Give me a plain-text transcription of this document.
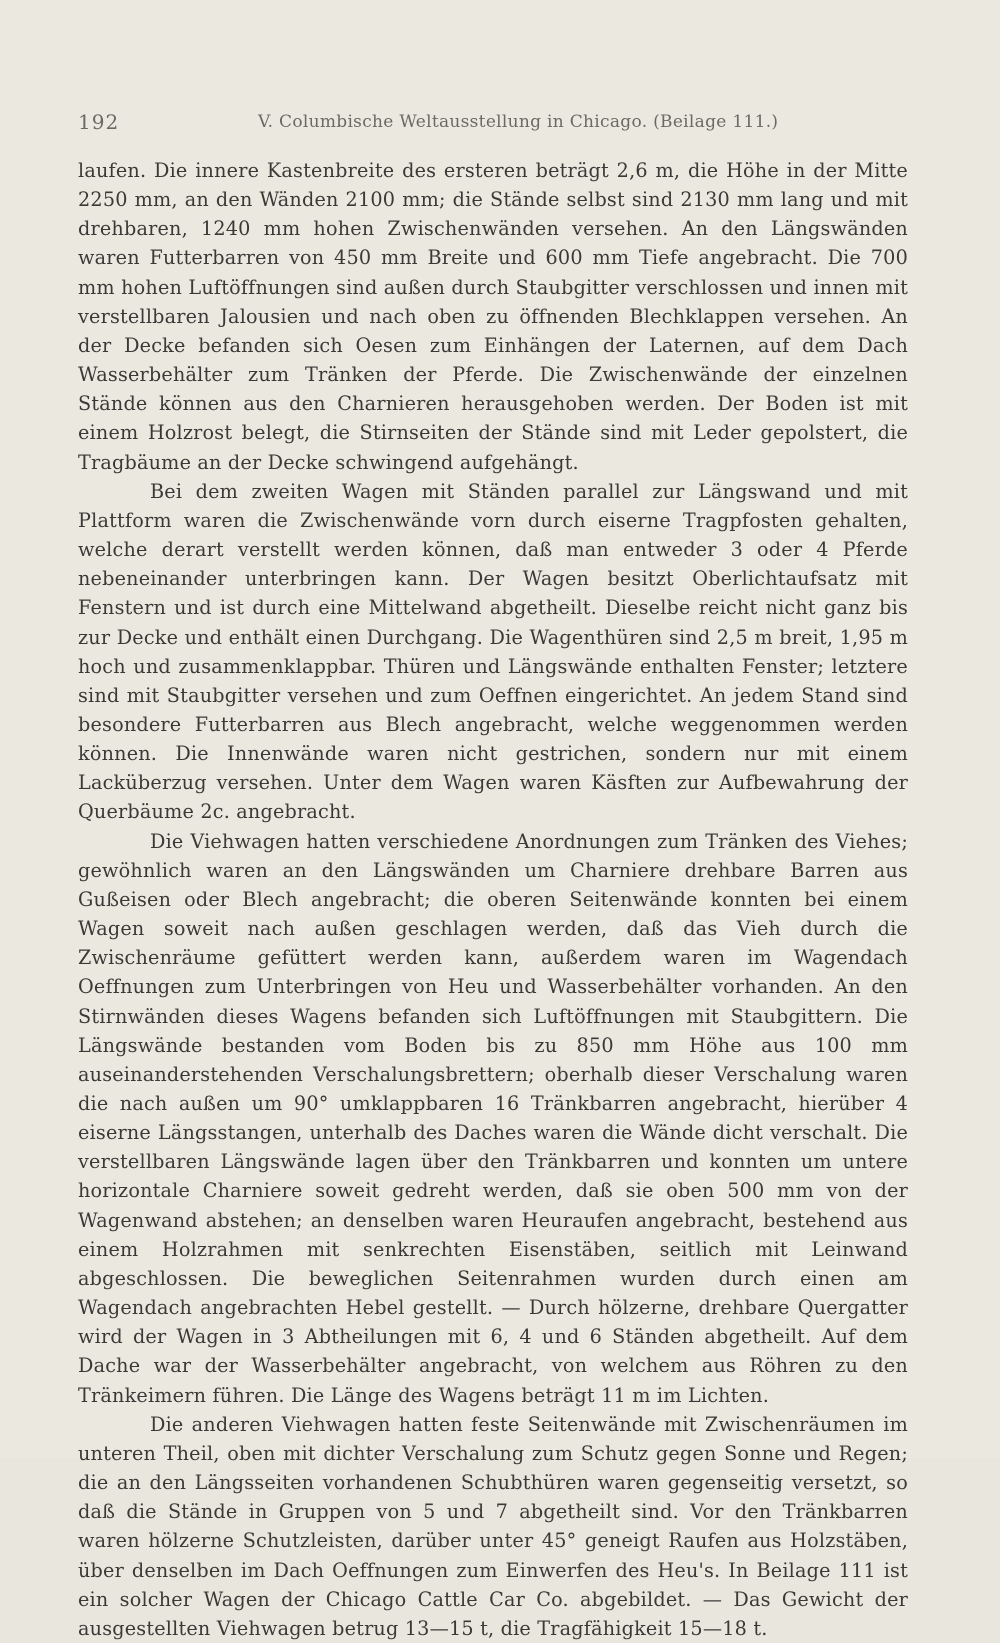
192	V. Columbische Weltausstellung in Chicago. (Beilage 111.)

laufen. Die innere Kastenbreite des ersteren beträgt 2,6 m, die Höhe in der Mitte 2250 mm, an den Wänden 2100 mm; die Stände selbst sind 2130 mm lang und mit drehbaren, 1240 mm hohen Zwischenwänden versehen. An den Längswänden waren Futterbarren von 450 mm Breite und 600 mm Tiefe angebracht. Die 700 mm hohen Luftöffnungen sind außen durch Staubgitter verschlossen und innen mit verstellbaren Jalousien und nach oben zu öffnenden Blechklappen versehen. An der Decke befanden sich Oesen zum Einhängen der Laternen, auf dem Dach Wasserbehälter zum Tränken der Pferde. Die Zwischenwände der einzelnen Stände können aus den Charnieren herausgehoben werden. Der Boden ist mit einem Holzrost belegt, die Stirnseiten der Stände sind mit Leder gepolstert, die Tragbäume an der Decke schwingend aufgehängt.

Bei dem zweiten Wagen mit Ständen parallel zur Längswand und mit Plattform waren die Zwischenwände vorn durch eiserne Tragpfosten gehalten, welche derart verstellt werden können, daß man entweder 3 oder 4 Pferde nebeneinander unterbringen kann. Der Wagen besitzt Oberlichtaufsatz mit Fenstern und ist durch eine Mittelwand abgetheilt. Dieselbe reicht nicht ganz bis zur Decke und enthält einen Durchgang. Die Wagenthüren sind 2,5 m breit, 1,95 m hoch und zusammenklappbar. Thüren und Längswände enthalten Fenster; letztere sind mit Staubgitter versehen und zum Oeffnen eingerichtet. An jedem Stand sind besondere Futterbarren aus Blech angebracht, welche weggenommen werden können. Die Innenwände waren nicht gestrichen, sondern nur mit einem Lacküberzug versehen. Unter dem Wagen waren Käsften zur Aufbewahrung der Querbäume 2c. angebracht.

Die Viehwagen hatten verschiedene Anordnungen zum Tränken des Viehes; gewöhnlich waren an den Längswänden um Charniere drehbare Barren aus Gußeisen oder Blech angebracht; die oberen Seitenwände konnten bei einem Wagen soweit nach außen geschlagen werden, daß das Vieh durch die Zwischenräume gefüttert werden kann, außerdem waren im Wagendach Oeffnungen zum Unterbringen von Heu und Wasserbehälter vorhanden. An den Stirnwänden dieses Wagens befanden sich Luftöffnungen mit Staubgittern. Die Längswände bestanden vom Boden bis zu 850 mm Höhe aus 100 mm auseinanderstehenden Verschalungsbrettern; oberhalb dieser Verschalung waren die nach außen um 90° umklappbaren 16 Tränkbarren angebracht, hierüber 4 eiserne Längsstangen, unterhalb des Daches waren die Wände dicht verschalt. Die verstellbaren Längswände lagen über den Tränkbarren und konnten um untere horizontale Charniere soweit gedreht werden, daß sie oben 500 mm von der Wagenwand abstehen; an denselben waren Heuraufen angebracht, bestehend aus einem Holzrahmen mit senkrechten Eisenstäben, seitlich mit Leinwand abgeschlossen. Die beweglichen Seitenrahmen wurden durch einen am Wagendach angebrachten Hebel gestellt. — Durch hölzerne, drehbare Quergatter wird der Wagen in 3 Abtheilungen mit 6, 4 und 6 Ständen abgetheilt. Auf dem Dache war der Wasserbehälter angebracht, von welchem aus Röhren zu den Tränkeimern führen. Die Länge des Wagens beträgt 11 m im Lichten.

Die anderen Viehwagen hatten feste Seitenwände mit Zwischenräumen im unteren Theil, oben mit dichter Verschalung zum Schutz gegen Sonne und Regen; die an den Längsseiten vorhandenen Schubthüren waren gegenseitig versetzt, so daß die Stände in Gruppen von 5 und 7 abgetheilt sind. Vor den Tränkbarren waren hölzerne Schutzleisten, darüber unter 45° geneigt Raufen aus Holzstäben, über denselben im Dach Oeffnungen zum Einwerfen des Heu's. In Beilage 111 ist ein solcher Wagen der Chicago Cattle Car Co. abgebildet. — Das Gewicht der ausgestellten Viehwagen betrug 13—15 t, die Tragfähigkeit 15—18 t.
